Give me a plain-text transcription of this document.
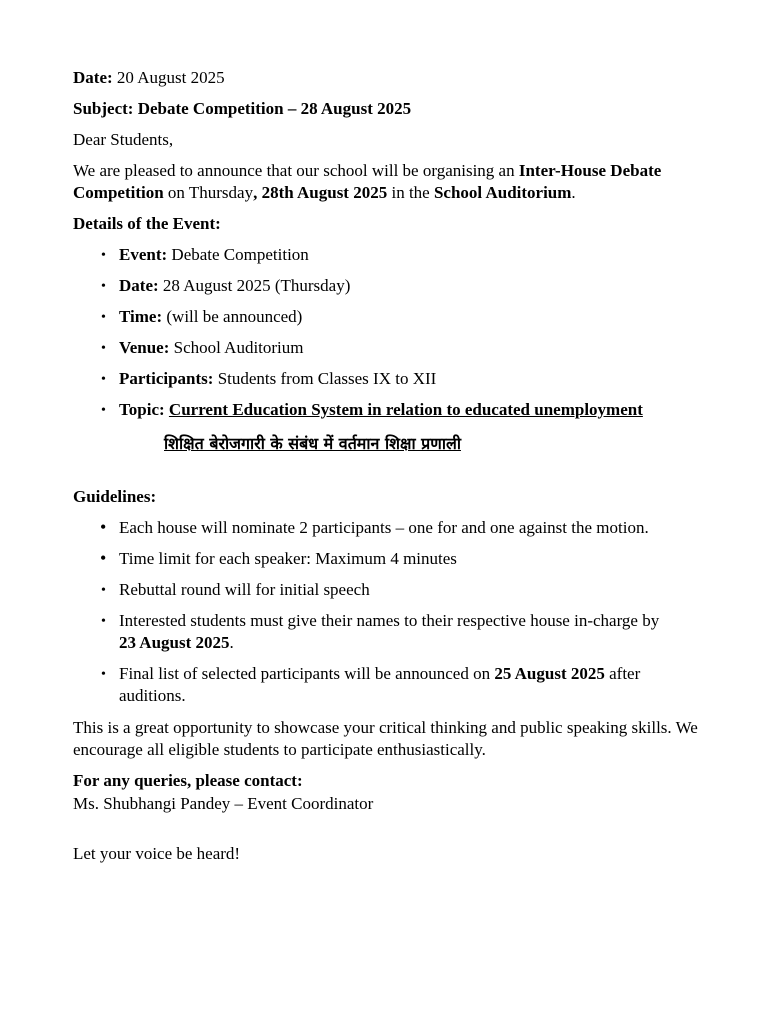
Date: 20 August 2025

Subject: Debate Competition – 28 August 2025

Dear Students,

We are pleased to announce that our school will be organising an Inter-House Debate

Competition on Thursday, 28th August 2025 in the School Auditorium.

Details of the Event:

• Event: Debate Competition

• Date: 28 August 2025 (Thursday)

• Time: (will be announced)

• Venue: School Auditorium

• Participants: Students from Classes IX to XII

• Topic: Current Education System in relation to educated unemployment

शिक्षित बेरोजगारी के संबंध में वर्तमान शिक्षा प्रणाली

Guidelines:

• Each house will nominate 2 participants – one for and one against the motion.

• Time limit for each speaker: Maximum 4 minutes

• Rebuttal round will for initial speech

• Interested students must give their names to their respective house in-charge by

23 August 2025.

• Final list of selected participants will be announced on 25 August 2025 after auditions.

This is a great opportunity to showcase your critical thinking and public speaking skills. We encourage all eligible students to participate enthusiastically.

For any queries, please contact:

Ms. Shubhangi Pandey – Event Coordinator

Let your voice be heard!
